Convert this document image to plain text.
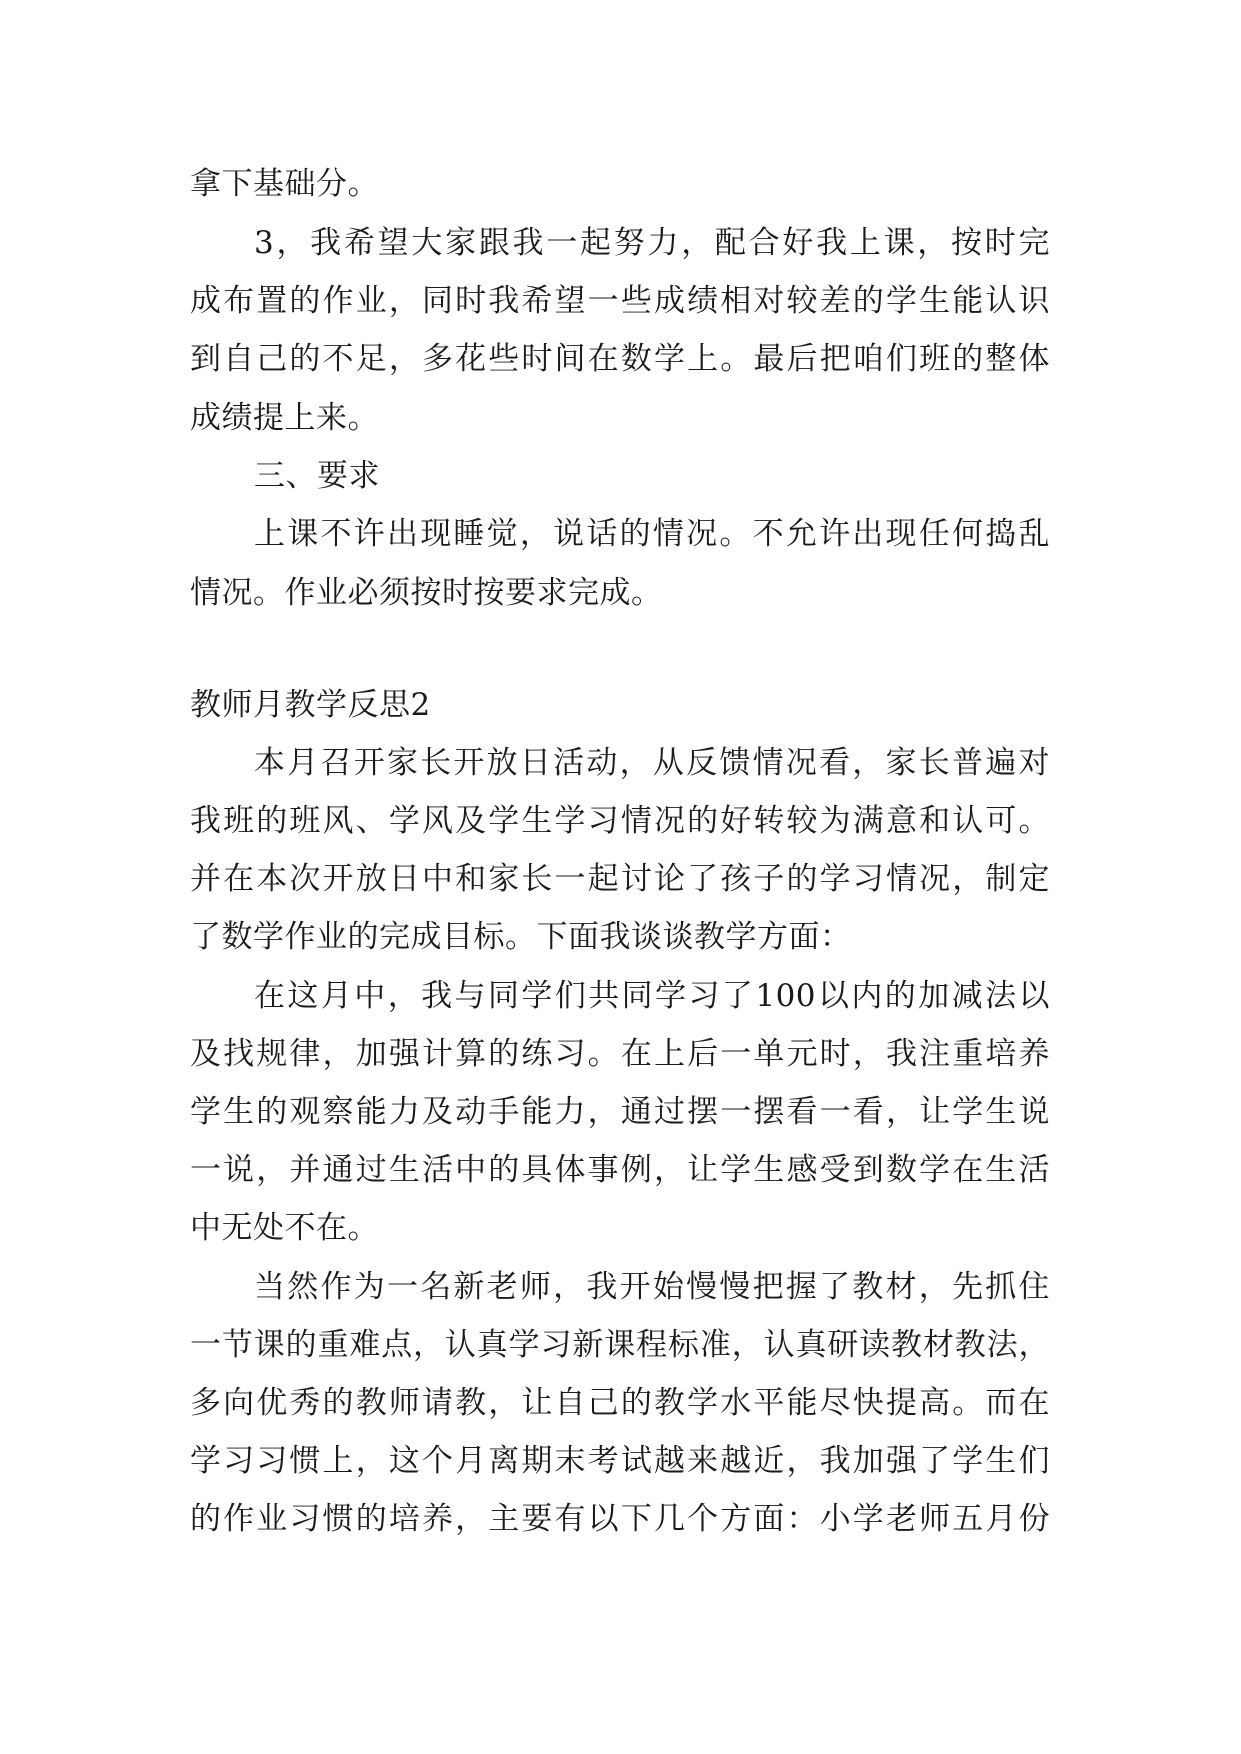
拿下基础分。
3，我希望大家跟我一起努力，配合好我上课，按时完
成布置的作业，同时我希望一些成绩相对较差的学生能认识
到自己的不足，多花些时间在数学上。最后把咱们班的整体
成绩提上来。
三、要求
上课不许出现睡觉，说话的情况。不允许出现任何捣乱
情况。作业必须按时按要求完成。
教师月教学反思2
本月召开家长开放日活动，从反馈情况看，家长普遍对
我班的班风、学风及学生学习情况的好转较为满意和认可。
并在本次开放日中和家长一起讨论了孩子的学习情况，制定
了数学作业的完成目标。下面我谈谈教学方面：
在这月中，我与同学们共同学习了100以内的加减法以
及找规律，加强计算的练习。在上后一单元时，我注重培养
学生的观察能力及动手能力，通过摆一摆看一看，让学生说
一说，并通过生活中的具体事例，让学生感受到数学在生活
中无处不在。
当然作为一名新老师，我开始慢慢把握了教材，先抓住
一节课的重难点，认真学习新课程标准，认真研读教材教法，
多向优秀的教师请教，让自己的教学水平能尽快提高。而在
学习习惯上，这个月离期末考试越来越近，我加强了学生们
的作业习惯的培养，主要有以下几个方面：小学老师五月份
